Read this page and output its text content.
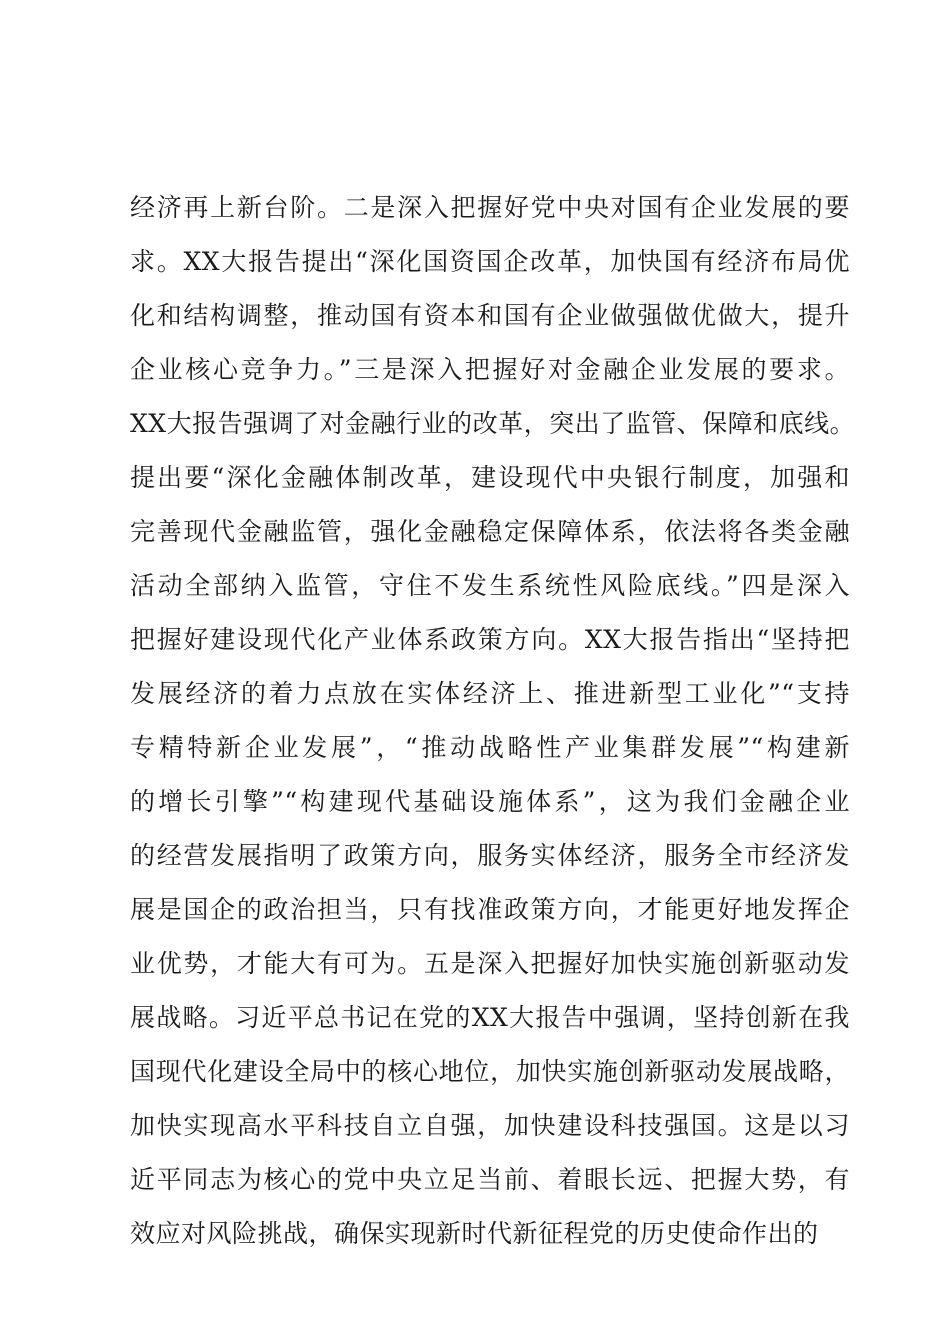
经济再上新台阶。二是深入把握好党中央对国有企业发展的要
求。XX大报告提出“深化国资国企改革，加快国有经济布局优
化和结构调整，推动国有资本和国有企业做强做优做大，提升
企业核心竞争力。”三是深入把握好对金融企业发展的要求。
XX大报告强调了对金融行业的改革，突出了监管、保障和底线。
提出要“深化金融体制改革，建设现代中央银行制度，加强和
完善现代金融监管，强化金融稳定保障体系，依法将各类金融
活动全部纳入监管，守住不发生系统性风险底线。”四是深入
把握好建设现代化产业体系政策方向。XX大报告指出“坚持把
发展经济的着力点放在实体经济上、推进新型工业化”“支持
专精特新企业发展”，“推动战略性产业集群发展”“构建新
的增长引擎”“构建现代基础设施体系”，这为我们金融企业
的经营发展指明了政策方向，服务实体经济，服务全市经济发
展是国企的政治担当，只有找准政策方向，才能更好地发挥企
业优势，才能大有可为。五是深入把握好加快实施创新驱动发
展战略。习近平总书记在党的XX大报告中强调，坚持创新在我
国现代化建设全局中的核心地位，加快实施创新驱动发展战略，
加快实现高水平科技自立自强，加快建设科技强国。这是以习
近平同志为核心的党中央立足当前、着眼长远、把握大势，有
效应对风险挑战，确保实现新时代新征程党的历史使命作出的
